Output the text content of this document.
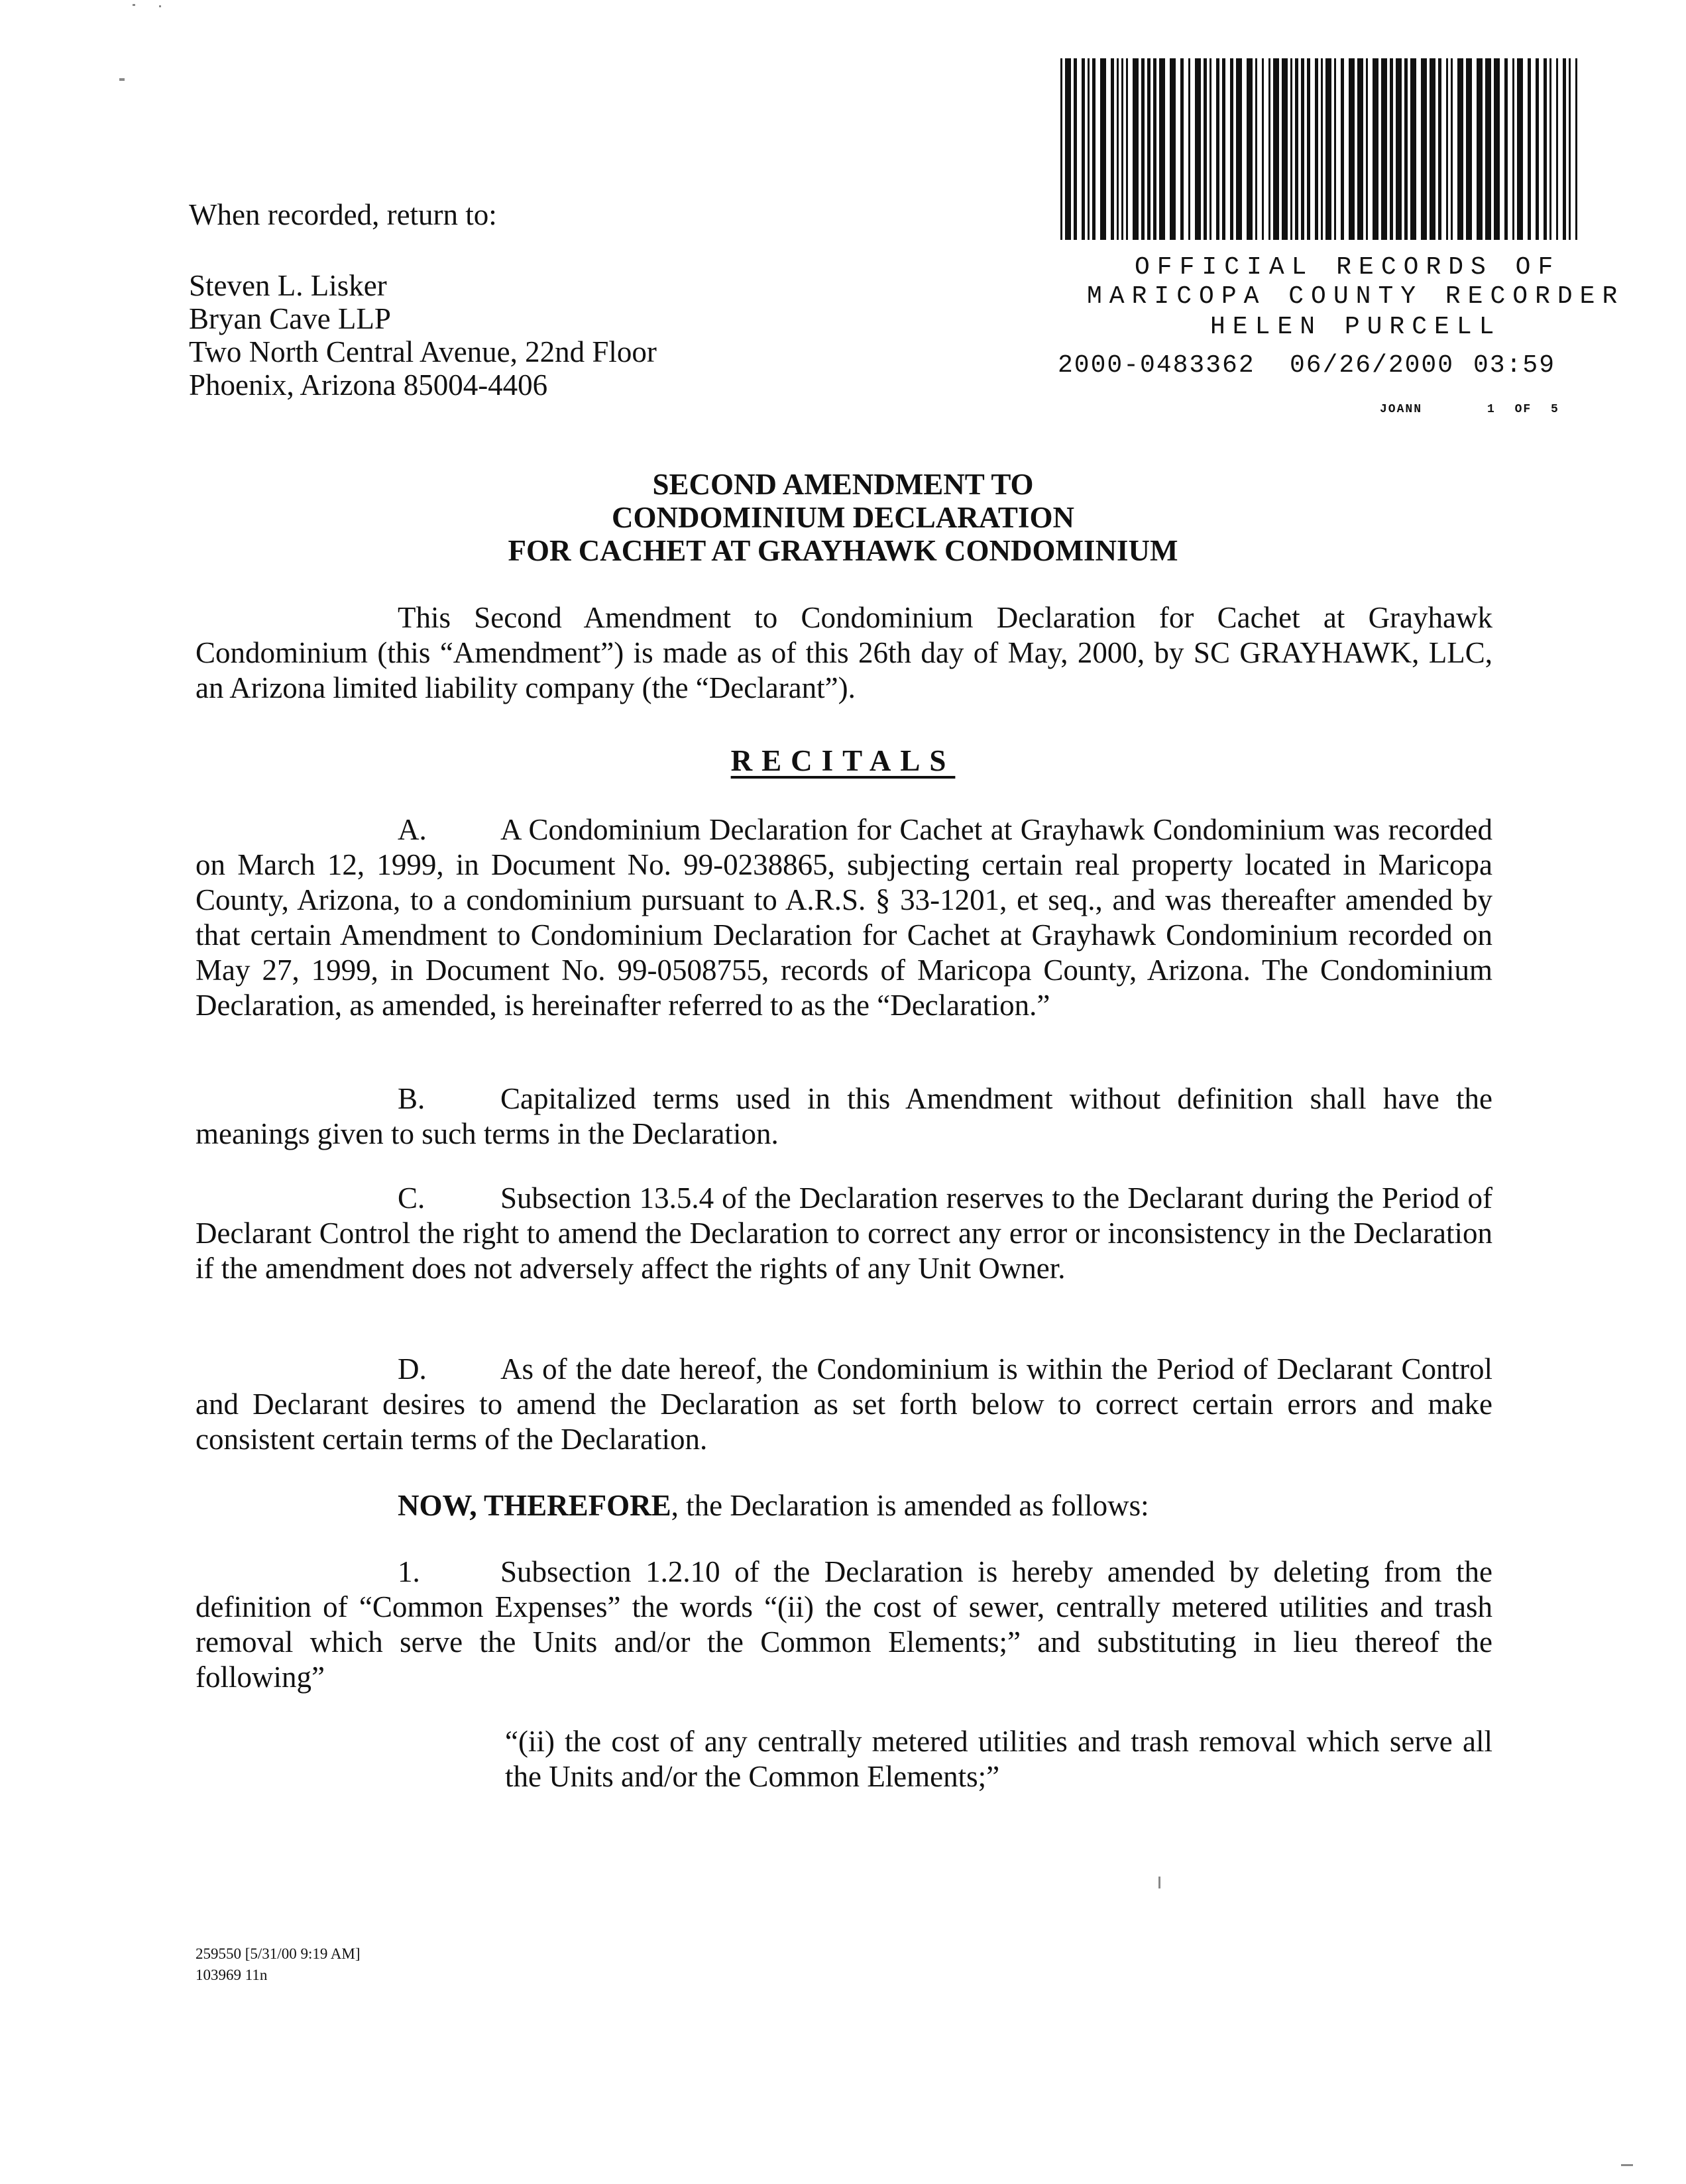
When recorded, return to:
Steven L. Lisker
Bryan Cave LLP
Two North Central Avenue, 22nd Floor
Phoenix, Arizona 85004-4406
OFFICIAL RECORDS OF
MARICOPA COUNTY RECORDER
HELEN PURCELL
2000-0483362 06/26/2000 03:59
JOANN	1 OF 5
SECOND AMENDMENT TO
CONDOMINIUM DECLARATION
FOR CACHET AT GRAYHAWK CONDOMINIUM
This Second Amendment to Condominium Declaration for Cachet at Grayhawk Condominium (this “Amendment”) is made as of this 26th day of May, 2000, by SC GRAYHAWK, LLC, an Arizona limited liability company (the “Declarant”).
RECITALS
A. A Condominium Declaration for Cachet at Grayhawk Condominium was recorded on March 12, 1999, in Document No. 99-0238865, subjecting certain real property located in Maricopa County, Arizona, to a condominium pursuant to A.R.S. § 33-1201, et seq., and was thereafter amended by that certain Amendment to Condominium Declaration for Cachet at Grayhawk Condominium recorded on May 27, 1999, in Document No. 99-0508755, records of Maricopa County, Arizona. The Condominium Declaration, as amended, is hereinafter referred to as the “Declaration.”
B.	Capitalized terms used in this Amendment without definition shall have the meanings given to such terms in the Declaration.
C.	Subsection 13.5.4 of the Declaration reserves to the Declarant during the Period of Declarant Control the right to amend the Declaration to correct any error or inconsistency in the Declaration if the amendment does not adversely affect the rights of any Unit Owner.
D. As of the date hereof, the Condominium is within the Period of Declarant Control and Declarant desires to amend the Declaration as set forth below to correct certain errors and make consistent certain terms of the Declaration.
NOW, THEREFORE, the Declaration is amended as follows:
1.	Subsection 1.2.10 of the Declaration is hereby amended by deleting from the definition of “Common Expenses” the words “(ii) the cost of sewer, centrally metered utilities and trash removal which serve the Units and/or the Common Elements;” and substituting in lieu thereof the following”
“(ii) the cost of any centrally metered utilities and trash removal which serve all the Units and/or the Common Elements;”
259550 [5/31/00 9:19 AM]
103969 11n
